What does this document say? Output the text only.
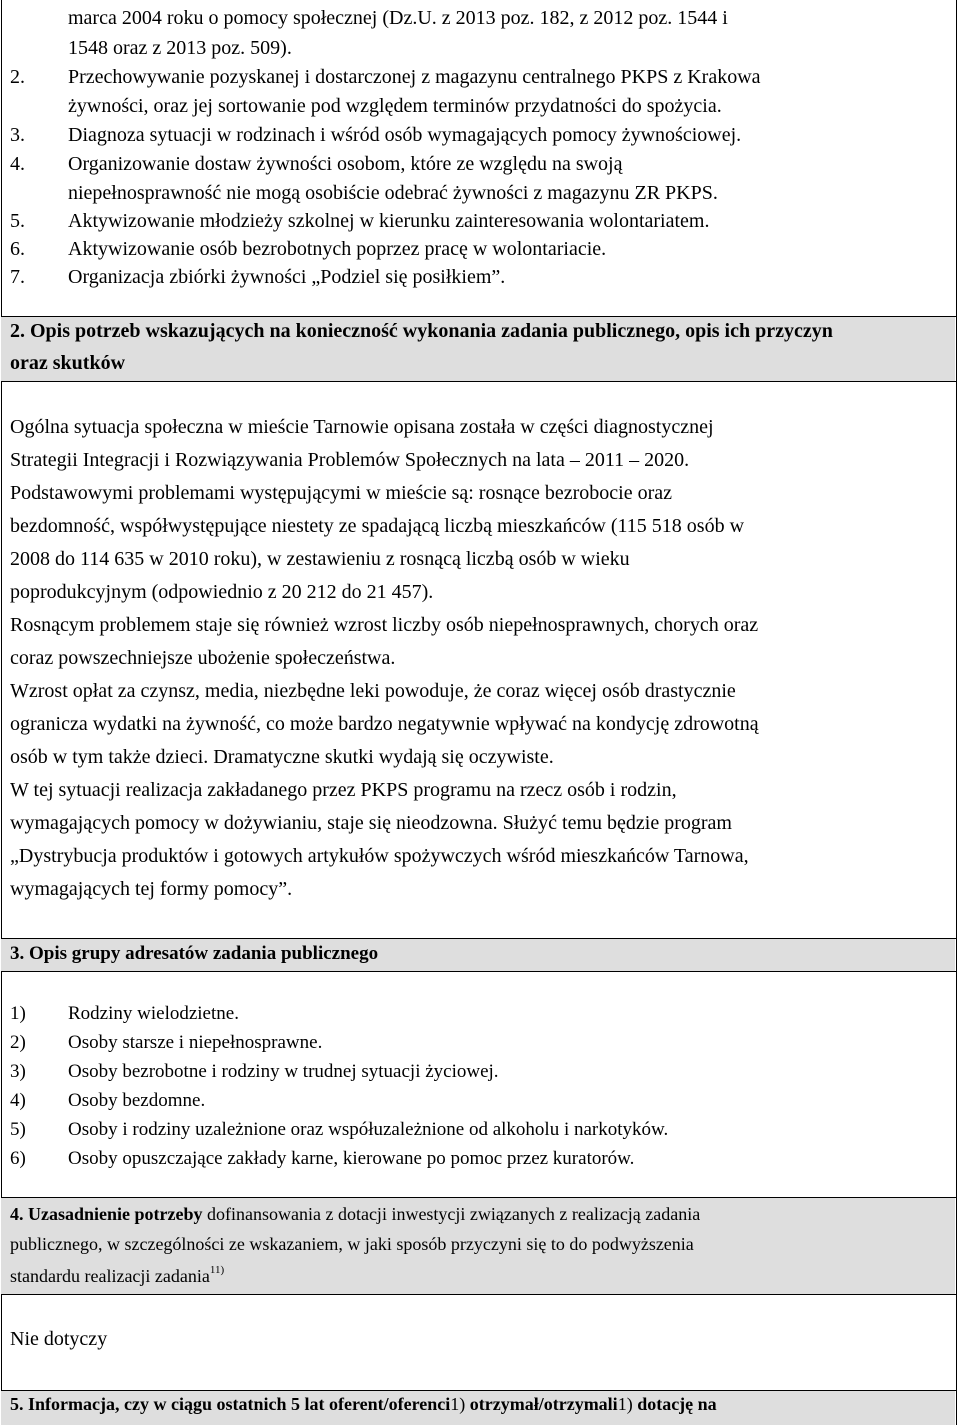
marca 2004 roku o pomocy społecznej (Dz.U. z 2013 poz. 182, z 2012 poz. 1544 i
1548 oraz z 2013 poz. 509).
2. Przechowywanie pozyskanej i dostarczonej z magazynu centralnego PKPS z Krakowa
żywności, oraz jej sortowanie pod względem terminów przydatności do spożycia.
3. Diagnoza sytuacji w rodzinach i wśród osób wymagających pomocy żywnościowej.
4. Organizowanie dostaw żywności osobom, które ze względu na swoją
niepełnosprawność nie mogą osobiście odebrać żywności z magazynu ZR PKPS.
5. Aktywizowanie młodzieży szkolnej w kierunku zainteresowania wolontariatem.
6. Aktywizowanie osób bezrobotnych poprzez pracę w wolontariacie.
7. Organizacja zbiórki żywności „Podziel się posiłkiem”.
2. Opis potrzeb wskazujących na konieczność wykonania zadania publicznego, opis ich przyczyn
oraz skutków
Ogólna sytuacja społeczna w mieście Tarnowie opisana została w części diagnostycznej
Strategii Integracji i Rozwiązywania Problemów Społecznych na lata – 2011 – 2020.
Podstawowymi problemami występującymi w mieście są: rosnące bezrobocie oraz
bezdomność, współwystępujące niestety ze spadającą liczbą mieszkańców (115 518 osób w
2008 do 114 635 w 2010 roku), w zestawieniu z rosnącą liczbą osób w wieku
poprodukcyjnym (odpowiednio z 20 212 do 21 457).
Rosnącym problemem staje się również wzrost liczby osób niepełnosprawnych, chorych oraz
coraz powszechniejsze ubożenie społeczeństwa.
Wzrost opłat za czynsz, media, niezbędne leki powoduje, że coraz więcej osób drastycznie
ogranicza wydatki na żywność, co może bardzo negatywnie wpływać na kondycję zdrowotną
osób w tym także dzieci. Dramatyczne skutki wydają się oczywiste.
W tej sytuacji realizacja zakładanego przez PKPS programu na rzecz osób i rodzin,
wymagających pomocy w dożywianiu, staje się nieodzowna. Służyć temu będzie program
„Dystrybucja produktów i gotowych artykułów spożywczych wśród mieszkańców Tarnowa,
wymagających tej formy pomocy”.
3. Opis grupy adresatów zadania publicznego
1) Rodziny wielodzietne.
2) Osoby starsze i niepełnosprawne.
3) Osoby bezrobotne i rodziny w trudnej sytuacji życiowej.
4) Osoby bezdomne.
5) Osoby i rodziny uzależnione oraz współuzależnione od alkoholu i narkotyków.
6) Osoby opuszczające zakłady karne, kierowane po pomoc przez kuratorów.
4. Uzasadnienie potrzeby dofinansowania z dotacji inwestycji związanych z realizacją zadania
publicznego, w szczególności ze wskazaniem, w jaki sposób przyczyni się to do podwyższenia
standardu realizacji zadania$^{11)}$
Nie dotyczy
5. Informacja, czy w ciągu ostatnich 5 lat oferent/oferenci1) otrzymał/otrzymali1) dotację na
